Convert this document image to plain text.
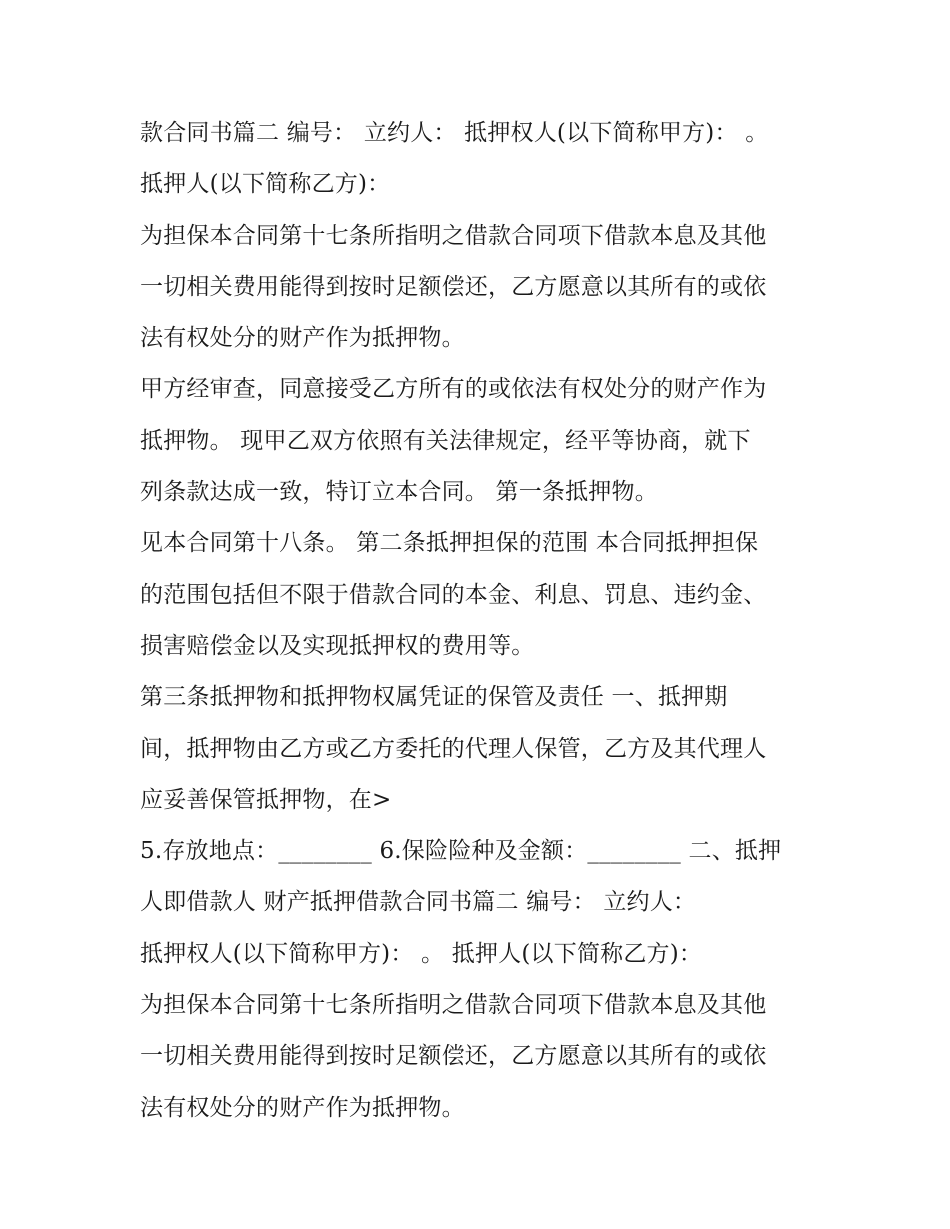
款合同书篇二 编号： 立约人： 抵押权人(以下简称甲方)： 。
抵押人(以下简称乙方)：
为担保本合同第十七条所指明之借款合同项下借款本息及其他
一切相关费用能得到按时足额偿还，乙方愿意以其所有的或依
法有权处分的财产作为抵押物。
甲方经审查，同意接受乙方所有的或依法有权处分的财产作为
抵押物。 现甲乙双方依照有关法律规定，经平等协商，就下
列条款达成一致，特订立本合同。 第一条抵押物。
见本合同第十八条。 第二条抵押担保的范围 本合同抵押担保
的范围包括但不限于借款合同的本金、利息、罚息、违约金、
损害赔偿金以及实现抵押权的费用等。
第三条抵押物和抵押物权属凭证的保管及责任 一、抵押期
间，抵押物由乙方或乙方委托的代理人保管，乙方及其代理人
应妥善保管抵押物，在>
5.存放地点：________ 6.保险险种及金额：________ 二、抵押
人即借款人 财产抵押借款合同书篇二 编号： 立约人：
抵押权人(以下简称甲方)： 。 抵押人(以下简称乙方)：
为担保本合同第十七条所指明之借款合同项下借款本息及其他
一切相关费用能得到按时足额偿还，乙方愿意以其所有的或依
法有权处分的财产作为抵押物。
